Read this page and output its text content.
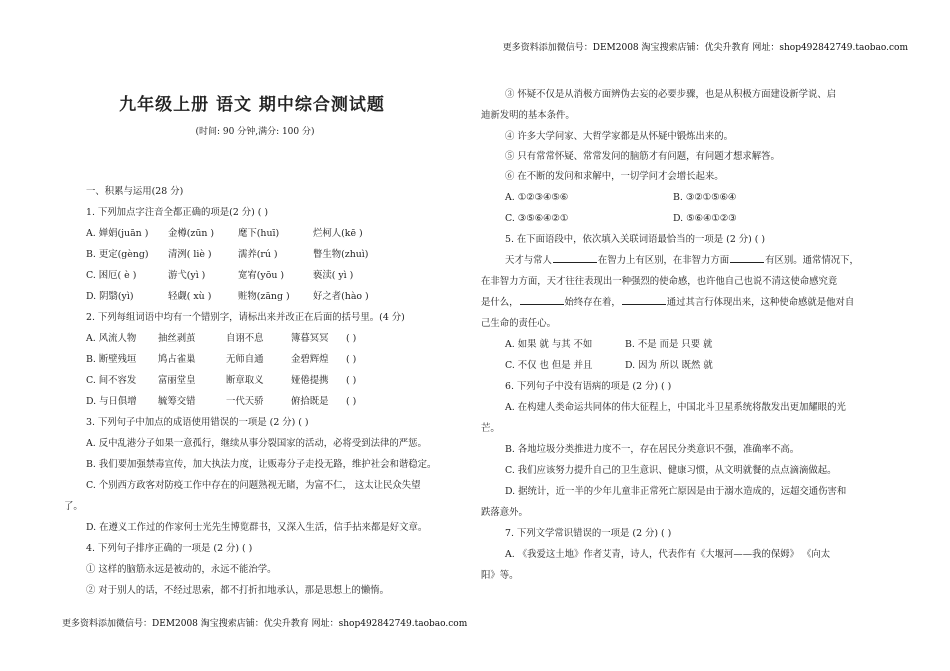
更多资料添加微信号：DEM2008 淘宝搜索店铺：优尖升教育 网址：shop492842749.taobao.com
九年级上册 语文 期中综合测试题
(时间: 90 分钟,满分: 100 分)
一、积累与运用(28 分)
1. 下列加点字注音全都正确的项是(2 分) ( )
A. 婵娟(juān ) 金樽(zūn )	麾下(huī)	烂柯人(kē )
B. 更定(gèng) 清洌( liè )	濡养(rú )	瞥生物(zhuì)
C. 困厄( è )	游弋(yì )	宽宥(yōu )	亵渎( yì )
D. 阴翳(yì)	轻觑( xù )	赃物(zāng ) 好之者(hào )
2. 下列每组词语中均有一个错别字，请标出来并改正在后面的括号里。(4 分)
A. 风流人物 抽丝剥茧	自诩不息	簿暮冥冥 ( )
B. 断壁残垣 鸠占雀巢	无师自通	金碧辉煌 ( )
C. 间不容发 富丽堂皇	断章取义	娅倦提携 ( )
D. 与日俱增 毓筹交错	一代天骄	俯拾既是 ( )
3. 下列句子中加点的成语使用错误的一项是 (2 分) ( )
A. 反中乱港分子如果一意孤行，继续从事分裂国家的活动，必将受到法律的严惩。
B. 我们要加强禁毒宣传，加大执法力度，让贩毒分子走投无路，维护社会和谐稳定。
C. 个别西方政客对防疫工作中存在的问题熟视无睹，为富不仁， 这太让民众失望
了。
D. 在遵义工作过的作家何士光先生博览群书，又深入生活，信手拈来都是好文章。
4. 下列句子排序正确的一项是 (2 分) ( )
① 这样的脑筋永远是被动的，永远不能治学。
② 对于别人的话，不经过思索，都不打折扣地承认，那是思想上的懒惰。
③ 怀疑不仅是从消极方面辨伪去妄的必要步骤，也是从积极方面建设新学说、启
迪新发明的基本条件。
④ 许多大学问家、大哲学家都是从怀疑中锻炼出来的。
⑤ 只有常常怀疑、常常发问的脑筋才有问题，有问题才想求解答。
⑥ 在不断的发问和求解中，一切学问才会增长起来。
A. ①②③④⑤⑥	B. ③②①⑤⑥④
C. ③⑤⑥④②①	D. ⑤⑥④①②③
5. 在下面语段中，依次填入关联词语最恰当的一项是 (2 分) ( )
天才与常人	在智力上有区别，在非智力方面	有区别。通常情况下，
在非智力方面，天才往往表现出一种强烈的使命感，也许他自己也说不清这使命感究竟
是什么，	始终存在着，	通过其言行体现出来，这种使命感就是他对自
己生命的责任心。
A. 如果 就 与其 不如	B. 不是 而是 只要 就
C. 不仅 也 但是 并且	D. 因为 所以 既然 就
6. 下列句子中没有语病的项是 (2 分) ( )
A. 在构建人类命运共同体的伟大征程上，中国北斗卫星系统将散发出更加耀眼的光
芒。
B. 各地垃圾分类推进力度不一，存在居民分类意识不强，准确率不高。
C. 我们应该努力提升自己的卫生意识、健康习惯，从文明就餐的点点滴滴做起。
D. 据统计，近一半的少年儿童非正常死亡原因是由于溺水造成的，远超交通伤害和
跌落意外。
7. 下列文学常识错误的一项是 (2 分) ( )
A. 《我爱这土地》作者艾青，诗人，代表作有《大堰河——我的保姆》 《向太
阳》等。
更多资料添加微信号：DEM2008 淘宝搜索店铺：优尖升教育 网址：shop492842749.taobao.com
